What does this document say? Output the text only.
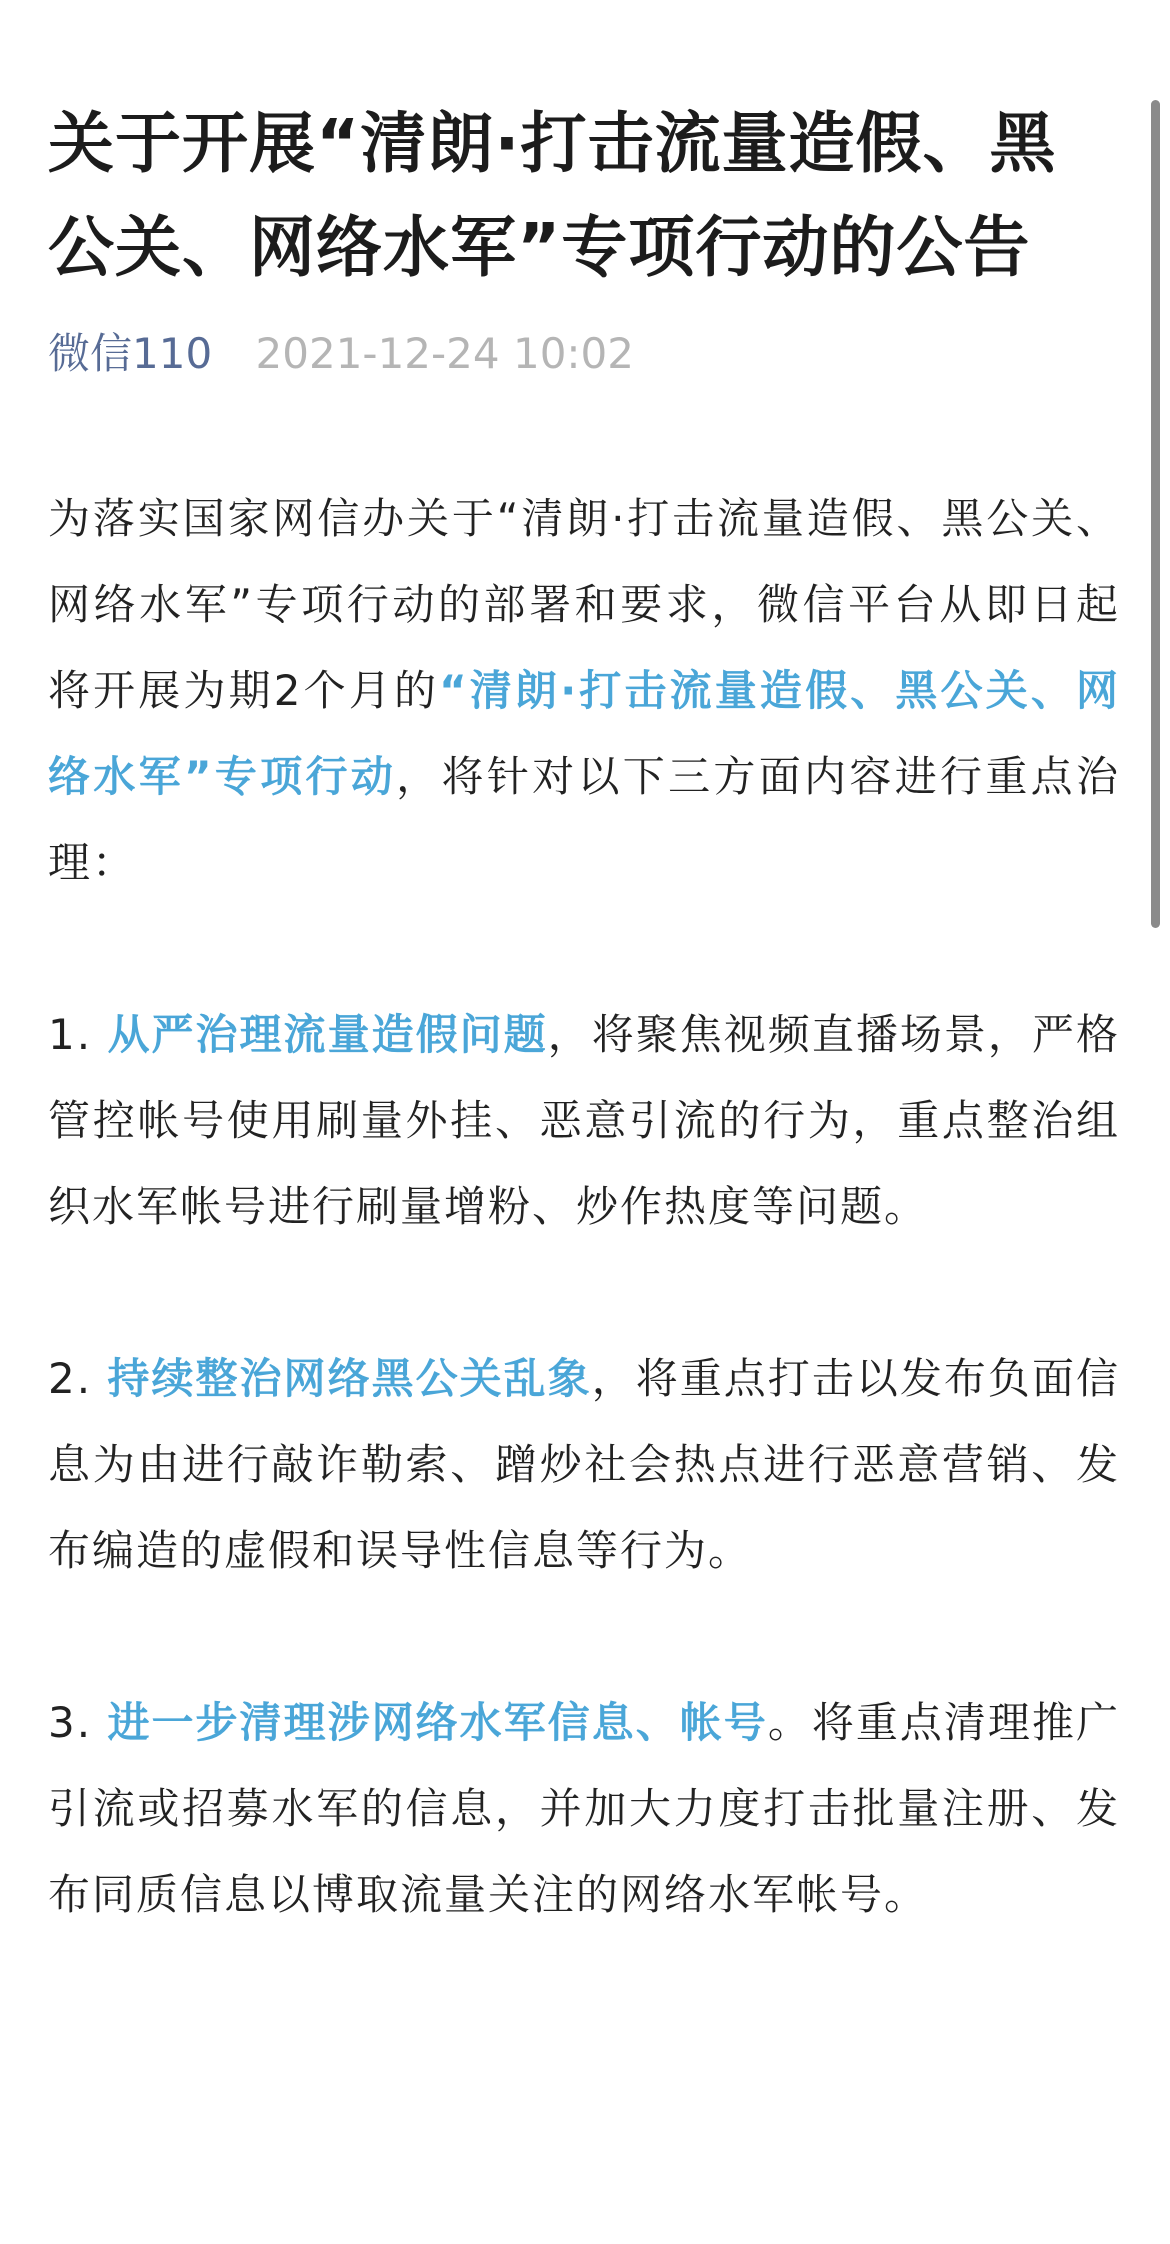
关于开展“清朗·打击流量造假、黑公关、网络水军”专项行动的公告
微信110 2021-12-24 10:02

为落实国家网信办关于“清朗·打击流量造假、黑公关、网络水军”专项行动的部署和要求，微信平台从即日起将开展为期2个月的“清朗·打击流量造假、黑公关、网络水军”专项行动，将针对以下三方面内容进行重点治理：

1. 从严治理流量造假问题，将聚焦视频直播场景，严格管控帐号使用刷量外挂、恶意引流的行为，重点整治组织水军帐号进行刷量增粉、炒作热度等问题。

2. 持续整治网络黑公关乱象，将重点打击以发布负面信息为由进行敲诈勒索、蹭炒社会热点进行恶意营销、发布编造的虚假和误导性信息等行为。

3. 进一步清理涉网络水军信息、帐号。将重点清理推广引流或招募水军的信息，并加大力度打击批量注册、发布同质信息以博取流量关注的网络水军帐号。
